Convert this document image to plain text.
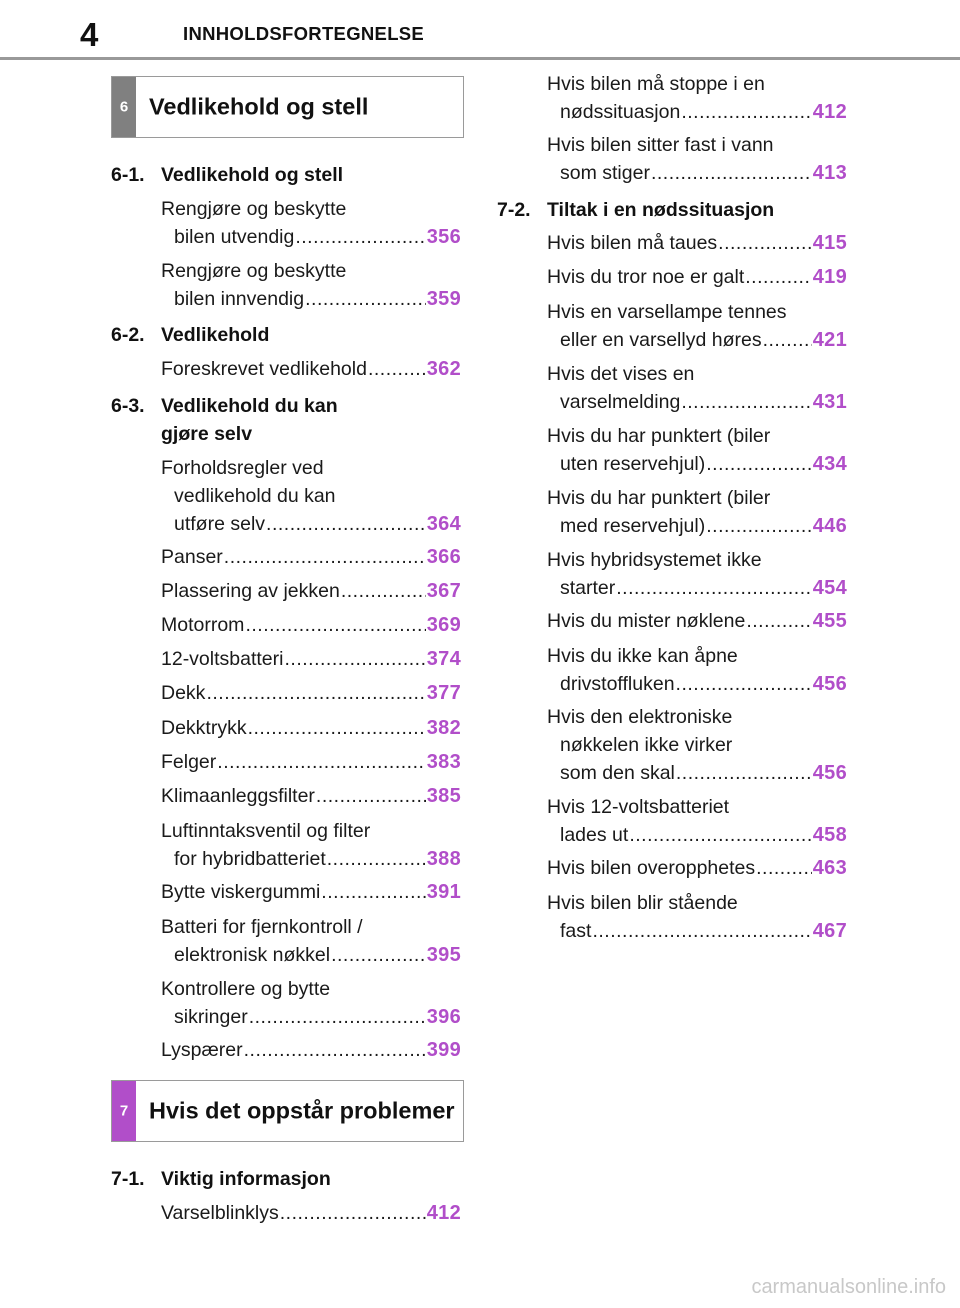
4	INNHOLDSFORTEGNELSE
6 Vedlikehold og stell
6-1. Vedlikehold og stell
Rengjøre og beskytte
bilen utvendig .....	356
Rengjøre og beskytte
bilen innvendig .....	359
6-2. Vedlikehold
Foreskrevet vedlikehold .....	362
6-3. Vedlikehold du kan gjøre selv
Forholdsregler ved
vedlikehold du kan
utføre selv .....	364
Panser .....	366
Plassering av jekken .....	367
Motorrom .....	369
12-voltsbatteri .....	374
Dekk .....	377
Dekktrykk .....	382
Felger .....	383
Klimaanleggsfilter .....	385
Luftinntaksventil og filter
for hybridbatteriet .....	388
Bytte viskergummi .....	391
Batteri for fjernkontroll /
elektronisk nøkkel .....	395
Kontrollere og bytte
sikringer .....	396
Lyspærer .....	399
7 Hvis det oppstår problemer
7-1. Viktig informasjon
Varselblinklys .....	412
Hvis bilen må stoppe i en
nødssituasjon .....	412
Hvis bilen sitter fast i vann
som stiger .....	413
7-2. Tiltak i en nødssituasjon
Hvis bilen må taues .....	415
Hvis du tror noe er galt .....	419
Hvis en varsellampe tennes
eller en varsellyd høres .....	421
Hvis det vises en
varselmelding .....	431
Hvis du har punktert (biler
uten reservehjul) .....	434
Hvis du har punktert (biler
med reservehjul) .....	446
Hvis hybridsystemet ikke
starter .....	454
Hvis du mister nøklene .....	455
Hvis du ikke kan åpne
drivstoffluken .....	456
Hvis den elektroniske
nøkkelen ikke virker
som den skal .....	456
Hvis 12-voltsbatteriet
lades ut .....	458
Hvis bilen overopphetes .....	463
Hvis bilen blir stående
fast .....	467
carmanualsonline.info
